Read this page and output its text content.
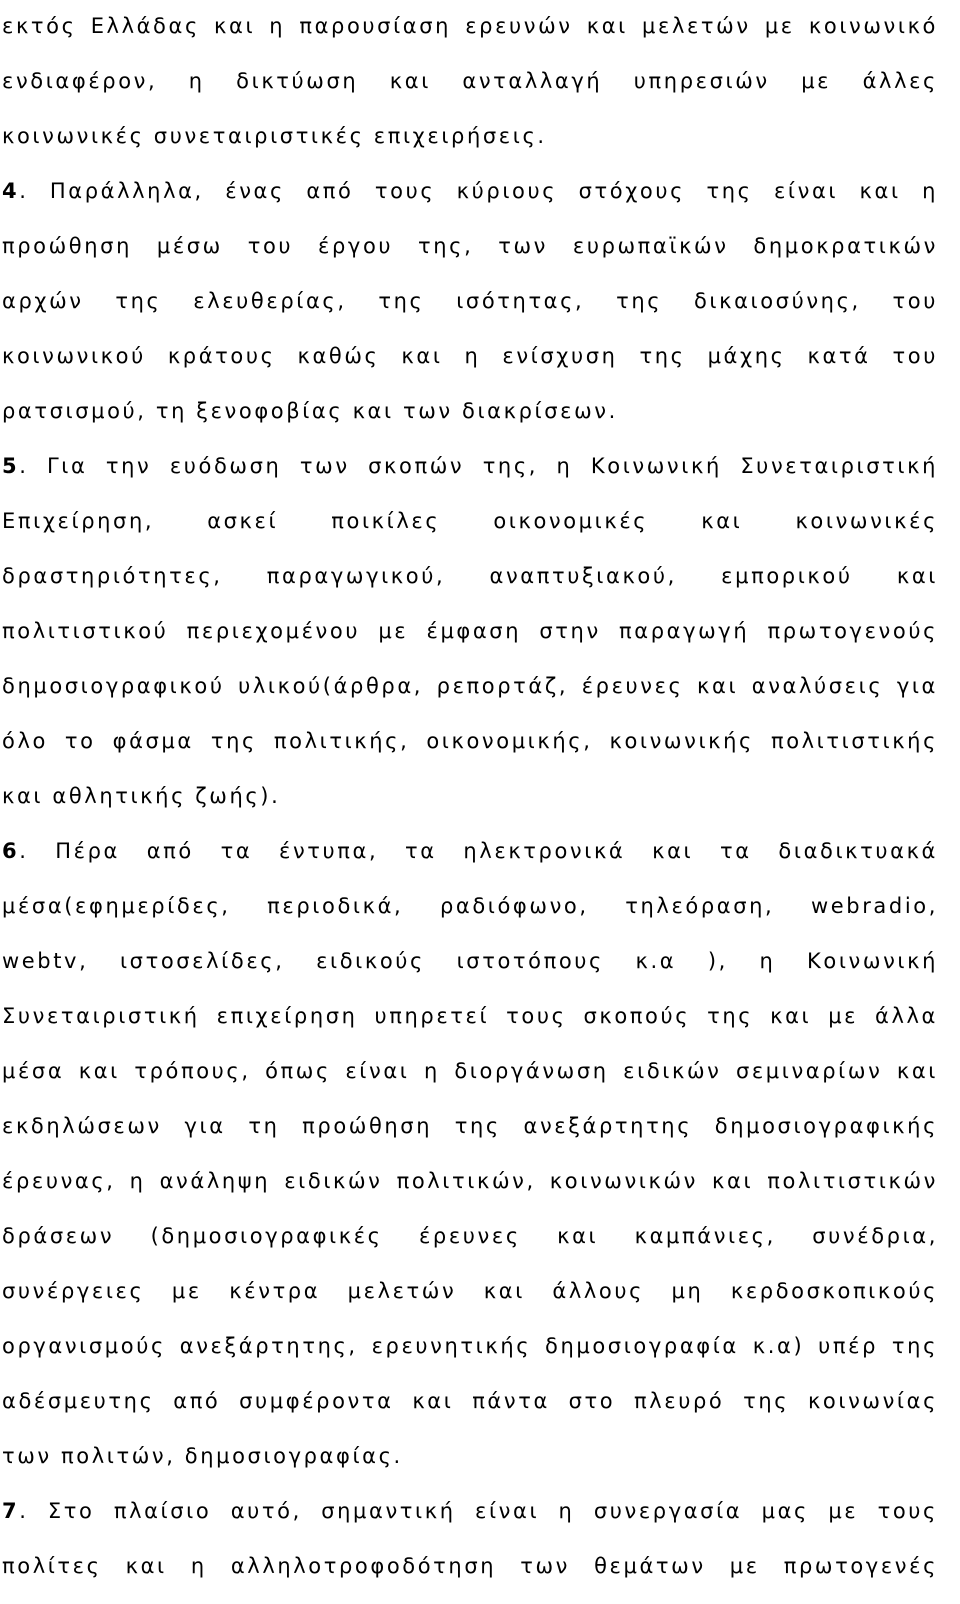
εκτός Ελλάδας και η παρουσίαση ερευνών και μελετών με κοινωνικό
ενδιαφέρον, η δικτύωση και ανταλλαγή υπηρεσιών με άλλες
κοινωνικές συνεταιριστικές επιχειρήσεις.
4. Παράλληλα, ένας από τους κύριους στόχους της είναι και η
προώθηση μέσω του έργου της, των ευρωπαϊκών δημοκρατικών
αρχών της ελευθερίας, της ισότητας, της δικαιοσύνης, του
κοινωνικού κράτους καθώς και η ενίσχυση της μάχης κατά του
ρατσισμού, τη ξενοφοβίας και των διακρίσεων.
5. Για την ευόδωση των σκοπών της, η Κοινωνική Συνεταιριστική
Επιχείρηση, ασκεί ποικίλες οικονομικές και κοινωνικές
δραστηριότητες, παραγωγικού, αναπτυξιακού, εμπορικού και
πολιτιστικού περιεχομένου με έμφαση στην παραγωγή πρωτογενούς
δημοσιογραφικού υλικού(άρθρα, ρεπορτάζ, έρευνες και αναλύσεις για
όλο το φάσμα της πολιτικής, οικονομικής, κοινωνικής πολιτιστικής
και αθλητικής ζωής).
6. Πέρα από τα έντυπα, τα ηλεκτρονικά και τα διαδικτυακά
μέσα(εφημερίδες, περιοδικά, ραδιόφωνο, τηλεόραση, webradio,
webtv, ιστοσελίδες, ειδικούς ιστοτόπους κ.α ), η Κοινωνική
Συνεταιριστική επιχείρηση υπηρετεί τους σκοπούς της και με άλλα
μέσα και τρόπους, όπως είναι η διοργάνωση ειδικών σεμιναρίων και
εκδηλώσεων για τη προώθηση της ανεξάρτητης δημοσιογραφικής
έρευνας, η ανάληψη ειδικών πολιτικών, κοινωνικών και πολιτιστικών
δράσεων (δημοσιογραφικές έρευνες και καμπάνιες, συνέδρια,
συνέργειες με κέντρα μελετών και άλλους μη κερδοσκοπικούς
οργανισμούς ανεξάρτητης, ερευνητικής δημοσιογραφία κ.α) υπέρ της
αδέσμευτης από συμφέροντα και πάντα στο πλευρό της κοινωνίας
των πολιτών, δημοσιογραφίας.
7. Στο πλαίσιο αυτό, σημαντική είναι η συνεργασία μας με τους
πολίτες και η αλληλοτροφοδότηση των θεμάτων με πρωτογενές
